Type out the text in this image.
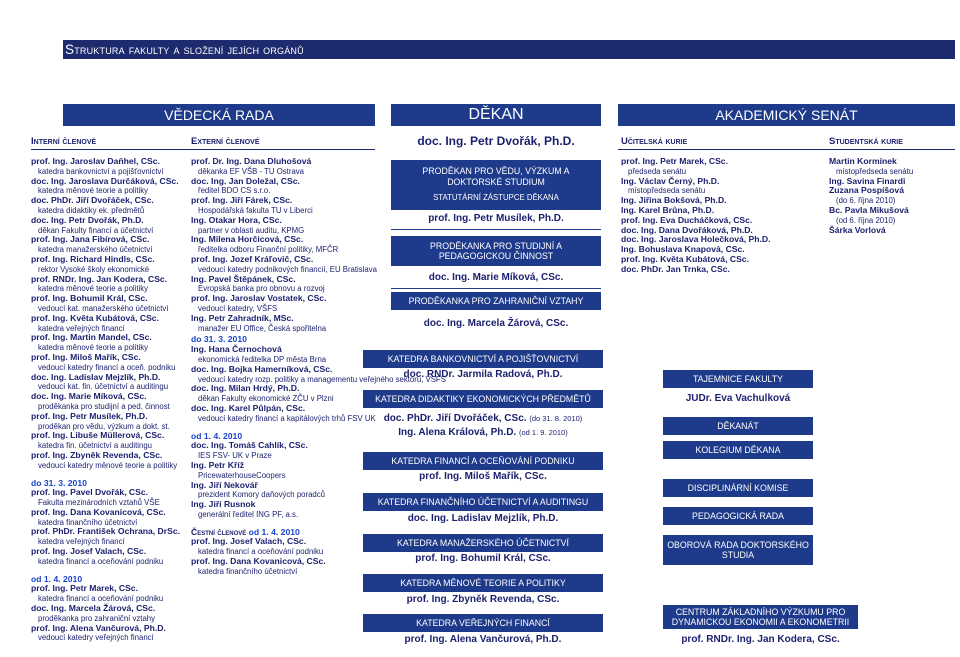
Struktura fakulty a složení jejích orgánů
VĚDECKÁ RADA	DĚKAN	AKADEMICKÝ SENÁT
doc. Ing. Petr Dvořák, Ph.D.
Interní členové	Externí členové	Učitelská kurie	Studentská kurie
prof. Ing. Jaroslav Daňhel, CSc.
katedra bankovnictví a pojišťovnictví
doc. Ing. Jaroslava Durčáková, CSc.
katedra měnové teorie a politiky
doc. PhDr. Jiří Dvořáček, CSc.
katedra didaktiky ek. předmětů
doc. Ing. Petr Dvořák, Ph.D.
děkan Fakulty financí a účetnictví
prof. Ing. Jana Fibírová, CSc.
katedra manažerského účetnictví
prof. Ing. Richard Hindls, CSc.
rektor Vysoké školy ekonomické
prof. RNDr. Ing. Jan Kodera, CSc.
katedra měnové teorie a politiky
prof. Ing. Bohumil Král, CSc.
vedoucí kat. manažerského účetnictví
prof. Ing. Květa Kubátová, CSc.
katedra veřejných financí
prof. Ing. Martin Mandel, CSc.
katedra měnové teorie a politiky
prof. Ing. Miloš Mařík, CSc.
vedoucí katedry financí a oceň. podniku
doc. Ing. Ladislav Mejzlík, Ph.D.
vedoucí kat. fin. účetnictví a auditingu
doc. Ing. Marie Míková, CSc.
proděkanka pro studijní a ped. činnost
prof. Ing. Petr Musílek, Ph.D.
proděkan pro vědu, výzkum a dokt. st.
prof. Ing. Libuše Müllerová, CSc.
katedra fin. účetnictví a auditingu
prof. Ing. Zbyněk Revenda, CSc.
vedoucí katedry měnové teorie a politiky
do 31. 3. 2010
prof. Ing. Pavel Dvořák, CSc.
Fakulta mezinárodních vztahů VŠE
prof. Ing. Dana Kovanicová, CSc.
katedra finančního účetnictví
prof. PhDr. František Ochrana, DrSc.
katedra veřejných financí
prof. Ing. Josef Valach, CSc.
katedra financí a oceňování podniku
od 1. 4. 2010
prof. Ing. Petr Marek, CSc.
katedra financí a oceňování podniku
doc. Ing. Marcela Žárová, CSc.
proděkanka pro zahraniční vztahy
prof. Ing. Alena Vančurová, Ph.D.
vedoucí katedry veřejných financí
prof. Dr. Ing. Dana Dluhošová
děkanka EF VŠB - TU Ostrava
doc. Ing. Jan Doležal, CSc.
ředitel BDO CS s.r.o.
prof. Ing. Jiří Fárek, CSc.
Hospodářská fakulta TU v Liberci
Ing. Otakar Hora, CSc.
partner v oblasti auditu, KPMG
Ing. Milena Horčicová, CSc.
ředitelka odboru Finanční politiky, MFČR
prof. Ing. Jozef Kráľovič, CSc.
vedoucí katedry podnikových financií, EU Bratislava
Ing. Pavel Štěpánek, CSc.
Evropská banka pro obnovu a rozvoj
prof. Ing. Jaroslav Vostatek, CSc.
vedoucí katedry, VŠFS
Ing. Petr Zahradník, MSc.
manažer EU Office, Česká spořitelna
do 31. 3. 2010
Ing. Hana Černochová
ekonomická ředitelka DP města Brna
doc. Ing. Bojka Hamerníková, CSc.
vedoucí katedry rozp. politiky a managementu veřejného sektoru, VSFS
doc. Ing. Milan Hrdý, Ph.D.
děkan Fakulty ekonomické ZČU v Plzni
doc. Ing. Karel Půlpán, CSc.
vedoucí katedry financí a kapitálových trhů FSV UK
od 1. 4. 2010
doc. Ing. Tomáš Cahlík, CSc.
IES FSV- UK v Praze
Ing. Petr Kříž
PricewaterhouseCoopers
Ing. Jiří Nekovář
prezident Komory daňových poradců
Ing. Jiří Rusnok
generální ředitel ING PF, a.s.
Čestní členové od 1. 4. 2010
prof. Ing. Josef Valach, CSc.
katedra financí a oceňování podniku
prof. Ing. Dana Kovanicová, CSc.
katedra finančního účetnictví
PRODĚKAN PRO VĚDU, VÝZKUM A DOKTORSKÉ STUDIUM
STATUTÁRNÍ ZÁSTUPCE DĚKANA
prof. Ing. Petr Musílek, Ph.D.
PRODĚKANKA PRO STUDIJNÍ A PEDAGOGICKOU ČINNOST
doc. Ing. Marie Míková, CSc.
PRODĚKANKA PRO ZAHRANIČNÍ VZTAHY
doc. Ing. Marcela Žárová, CSc.
KATEDRA BANKOVNICTVÍ A POJIŠŤOVNICTVÍ
doc. RNDr. Jarmila Radová, Ph.D.
KATEDRA DIDAKTIKY EKONOMICKÝCH PŘEDMĚTŮ
doc. PhDr. Jiří Dvořáček, CSc. (do 31. 8. 2010)
Ing. Alena Králová, Ph.D. (od 1. 9. 2010)
KATEDRA FINANCÍ A OCEŇOVÁNÍ PODNIKU
prof. Ing. Miloš Mařík, CSc.
KATEDRA FINANČNÍHO ÚČETNICTVÍ A AUDITINGU
doc. Ing. Ladislav Mejzlík, Ph.D.
KATEDRA MANAŽERSKÉHO ÚČETNICTVÍ
prof. Ing. Bohumil Král, CSc.
KATEDRA MĚNOVÉ TEORIE A POLITIKY
prof. Ing. Zbyněk Revenda, CSc.
KATEDRA VEŘEJNÝCH FINANCÍ
prof. Ing. Alena Vančurová, Ph.D.
prof. Ing. Petr Marek, CSc.
předseda senátu
Ing. Václav Černý, Ph.D.
místopředseda senátu
Ing. Jiřina Bokšová, Ph.D.
Ing. Karel Brůna, Ph.D.
prof. Ing. Eva Ducháčková, CSc.
doc. Ing. Dana Dvořáková, Ph.D.
doc. Ing. Jaroslava Holečková, Ph.D.
Ing. Bohuslava Knapová, CSc.
prof. Ing. Květa Kubátová, CSc.
doc. PhDr. Jan Trnka, CSc.
Martin Kormínek
místopředseda senátu
Ing. Savina Finardi
Zuzana Pospíšová
(do 6. října 2010)
Bc. Pavla Mikušová
(od 6. října 2010)
Šárka Vorlová
TAJEMNICE FAKULTY
JUDr. Eva Vachulková
DĚKANÁT
KOLEGIUM DĚKANA
DISCIPLINÁRNÍ KOMISE
PEDAGOGICKÁ RADA
OBOROVÁ RADA DOKTORSKÉHO STUDIA
CENTRUM ZÁKLADNÍHO VÝZKUMU PRO DYNAMICKOU EKONOMII A EKONOMETRII
prof. RNDr. Ing. Jan Kodera, CSc.
